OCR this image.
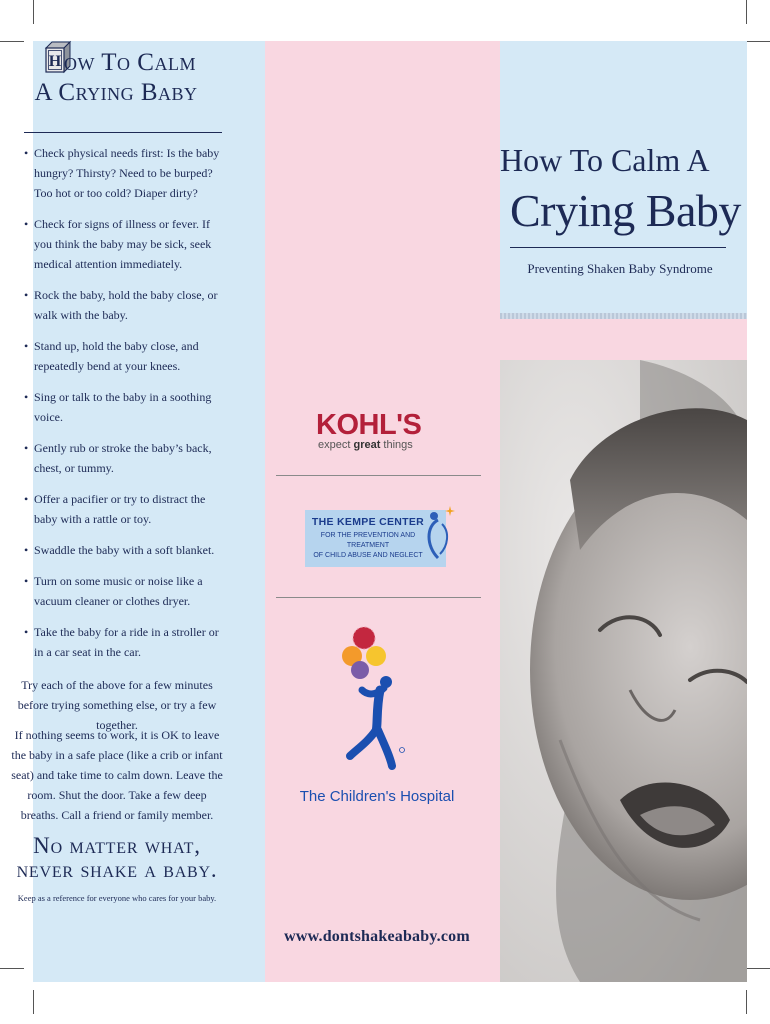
H ow To Calm
A Crying Baby
• Check physical needs first: Is the baby hungry? Thirsty? Need to be burped? Too hot or too cold? Diaper dirty?
• Check for signs of illness or fever. If you think the baby may be sick, seek medical attention immediately.
• Rock the baby, hold the baby close, or walk with the baby.
• Stand up, hold the baby close, and repeatedly bend at your knees.
• Sing or talk to the baby in a soothing voice.
• Gently rub or stroke the baby’s back, chest, or tummy.
• Offer a pacifier or try to distract the baby with a rattle or toy.
• Swaddle the baby with a soft blanket.
• Turn on some music or noise like a vacuum cleaner or clothes dryer.
• Take the baby for a ride in a stroller or in a car seat in the car.
Try each of the above for a few minutes before trying something else, or try a few together.
If nothing seems to work, it is OK to leave the baby in a safe place (like a crib or infant seat) and take time to calm down. Leave the room. Shut the door. Take a few deep breaths. Call a friend or family member.
No matter what,
never shake a baby.
Keep as a reference for everyone who cares for your baby.
KOHL'S
expect great things
THE KEMPE CENTER
FOR THE PREVENTION AND TREATMENT
OF CHILD ABUSE AND NEGLECT
The Children's Hospital
www.dontshakeababy.com
How To Calm A
Crying Baby
Preventing Shaken Baby Syndrome
